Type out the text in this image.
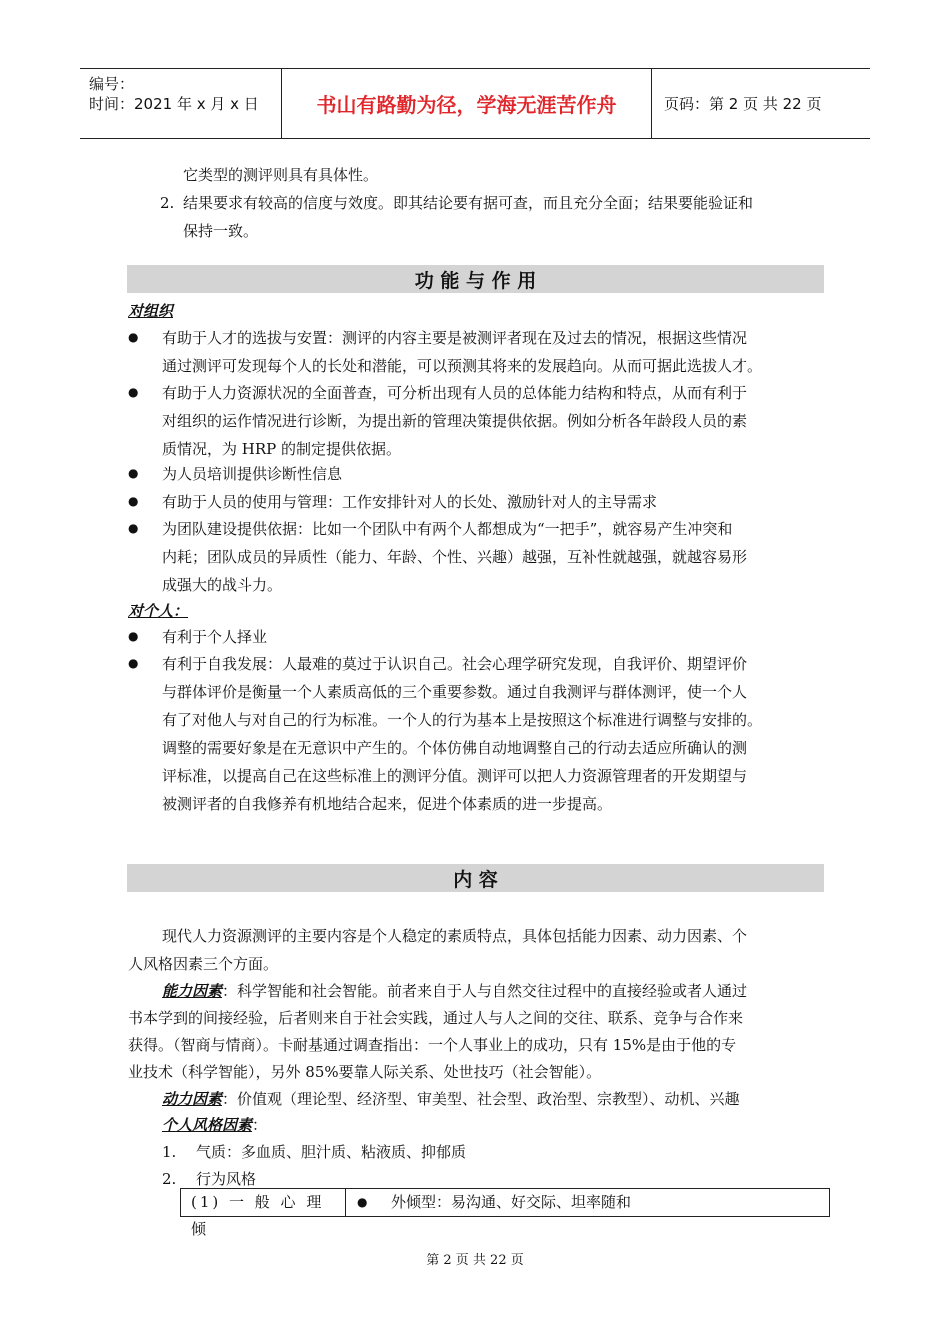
编号：
时间：2021 年 x 月 x 日	书山有路勤为径，学海无涯苦作舟	页码：第 2 页 共 22 页

它类型的测评则具有具体性。

2. 结果要求有较高的信度与效度。即其结论要有据可查，而且充分全面；结果要能验证和

保持一致。

功 能 与 作 用
对组织
● 有助于人才的选拔与安置：测评的内容主要是被测评者现在及过去的情况，根据这些情况
通过测评可发现每个人的长处和潜能，可以预测其将来的发展趋向。从而可据此选拔人才。

● 有助于人力资源状况的全面普查，可分析出现有人员的总体能力结构和特点，从而有利于
对组织的运作情况进行诊断，为提出新的管理决策提供依据。例如分析各年龄段人员的素
质情况，为 HRP 的制定提供依据。

● 为人员培训提供诊断性信息

● 有助于人员的使用与管理：工作安排针对人的长处、激励针对人的主导需求

● 为团队建设提供依据：比如一个团队中有两个人都想成为“一把手”，就容易产生冲突和
内耗；团队成员的异质性（能力、年龄、个性、兴趣）越强，互补性就越强，就越容易形
成强大的战斗力。

对个人：
● 有利于个人择业

● 有利于自我发展：人最难的莫过于认识自己。社会心理学研究发现，自我评价、期望评价
与群体评价是衡量一个人素质高低的三个重要参数。通过自我测评与群体测评，使一个人
有了对他人与对自己的行为标准。一个人的行为基本上是按照这个标准进行调整与安排的。
调整的需要好象是在无意识中产生的。个体仿佛自动地调整自己的行动去适应所确认的测
评标准，以提高自己在这些标准上的测评分值。测评可以把人力资源管理者的开发期望与
被测评者的自我修养有机地结合起来，促进个体素质的进一步提高。

内 容

现代人力资源测评的主要内容是个人稳定的素质特点，具体包括能力因素、动力因素、个

人风格因素三个方面。

能力因素：科学智能和社会智能。前者来自于人与自然交往过程中的直接经验或者人通过

书本学到的间接经验，后者则来自于社会实践，通过人与人之间的交往、联系、竞争与合作来

获得。（智商与情商）。卡耐基通过调查指出：一个人事业上的成功，只有 15%是由于他的专

业技术（科学智能），另外 85%要靠人际关系、处世技巧（社会智能）。

动力因素：价值观（理论型、经济型、审美型、社会型、政治型、宗教型）、动机、兴趣

个人风格因素：

1. 气质：多血质、胆汁质、粘液质、抑郁质

2. 行为风格

(1) 一 般 心 理 倾
● 外倾型：易沟通、好交际、坦率随和
第 2 页 共 22 页
